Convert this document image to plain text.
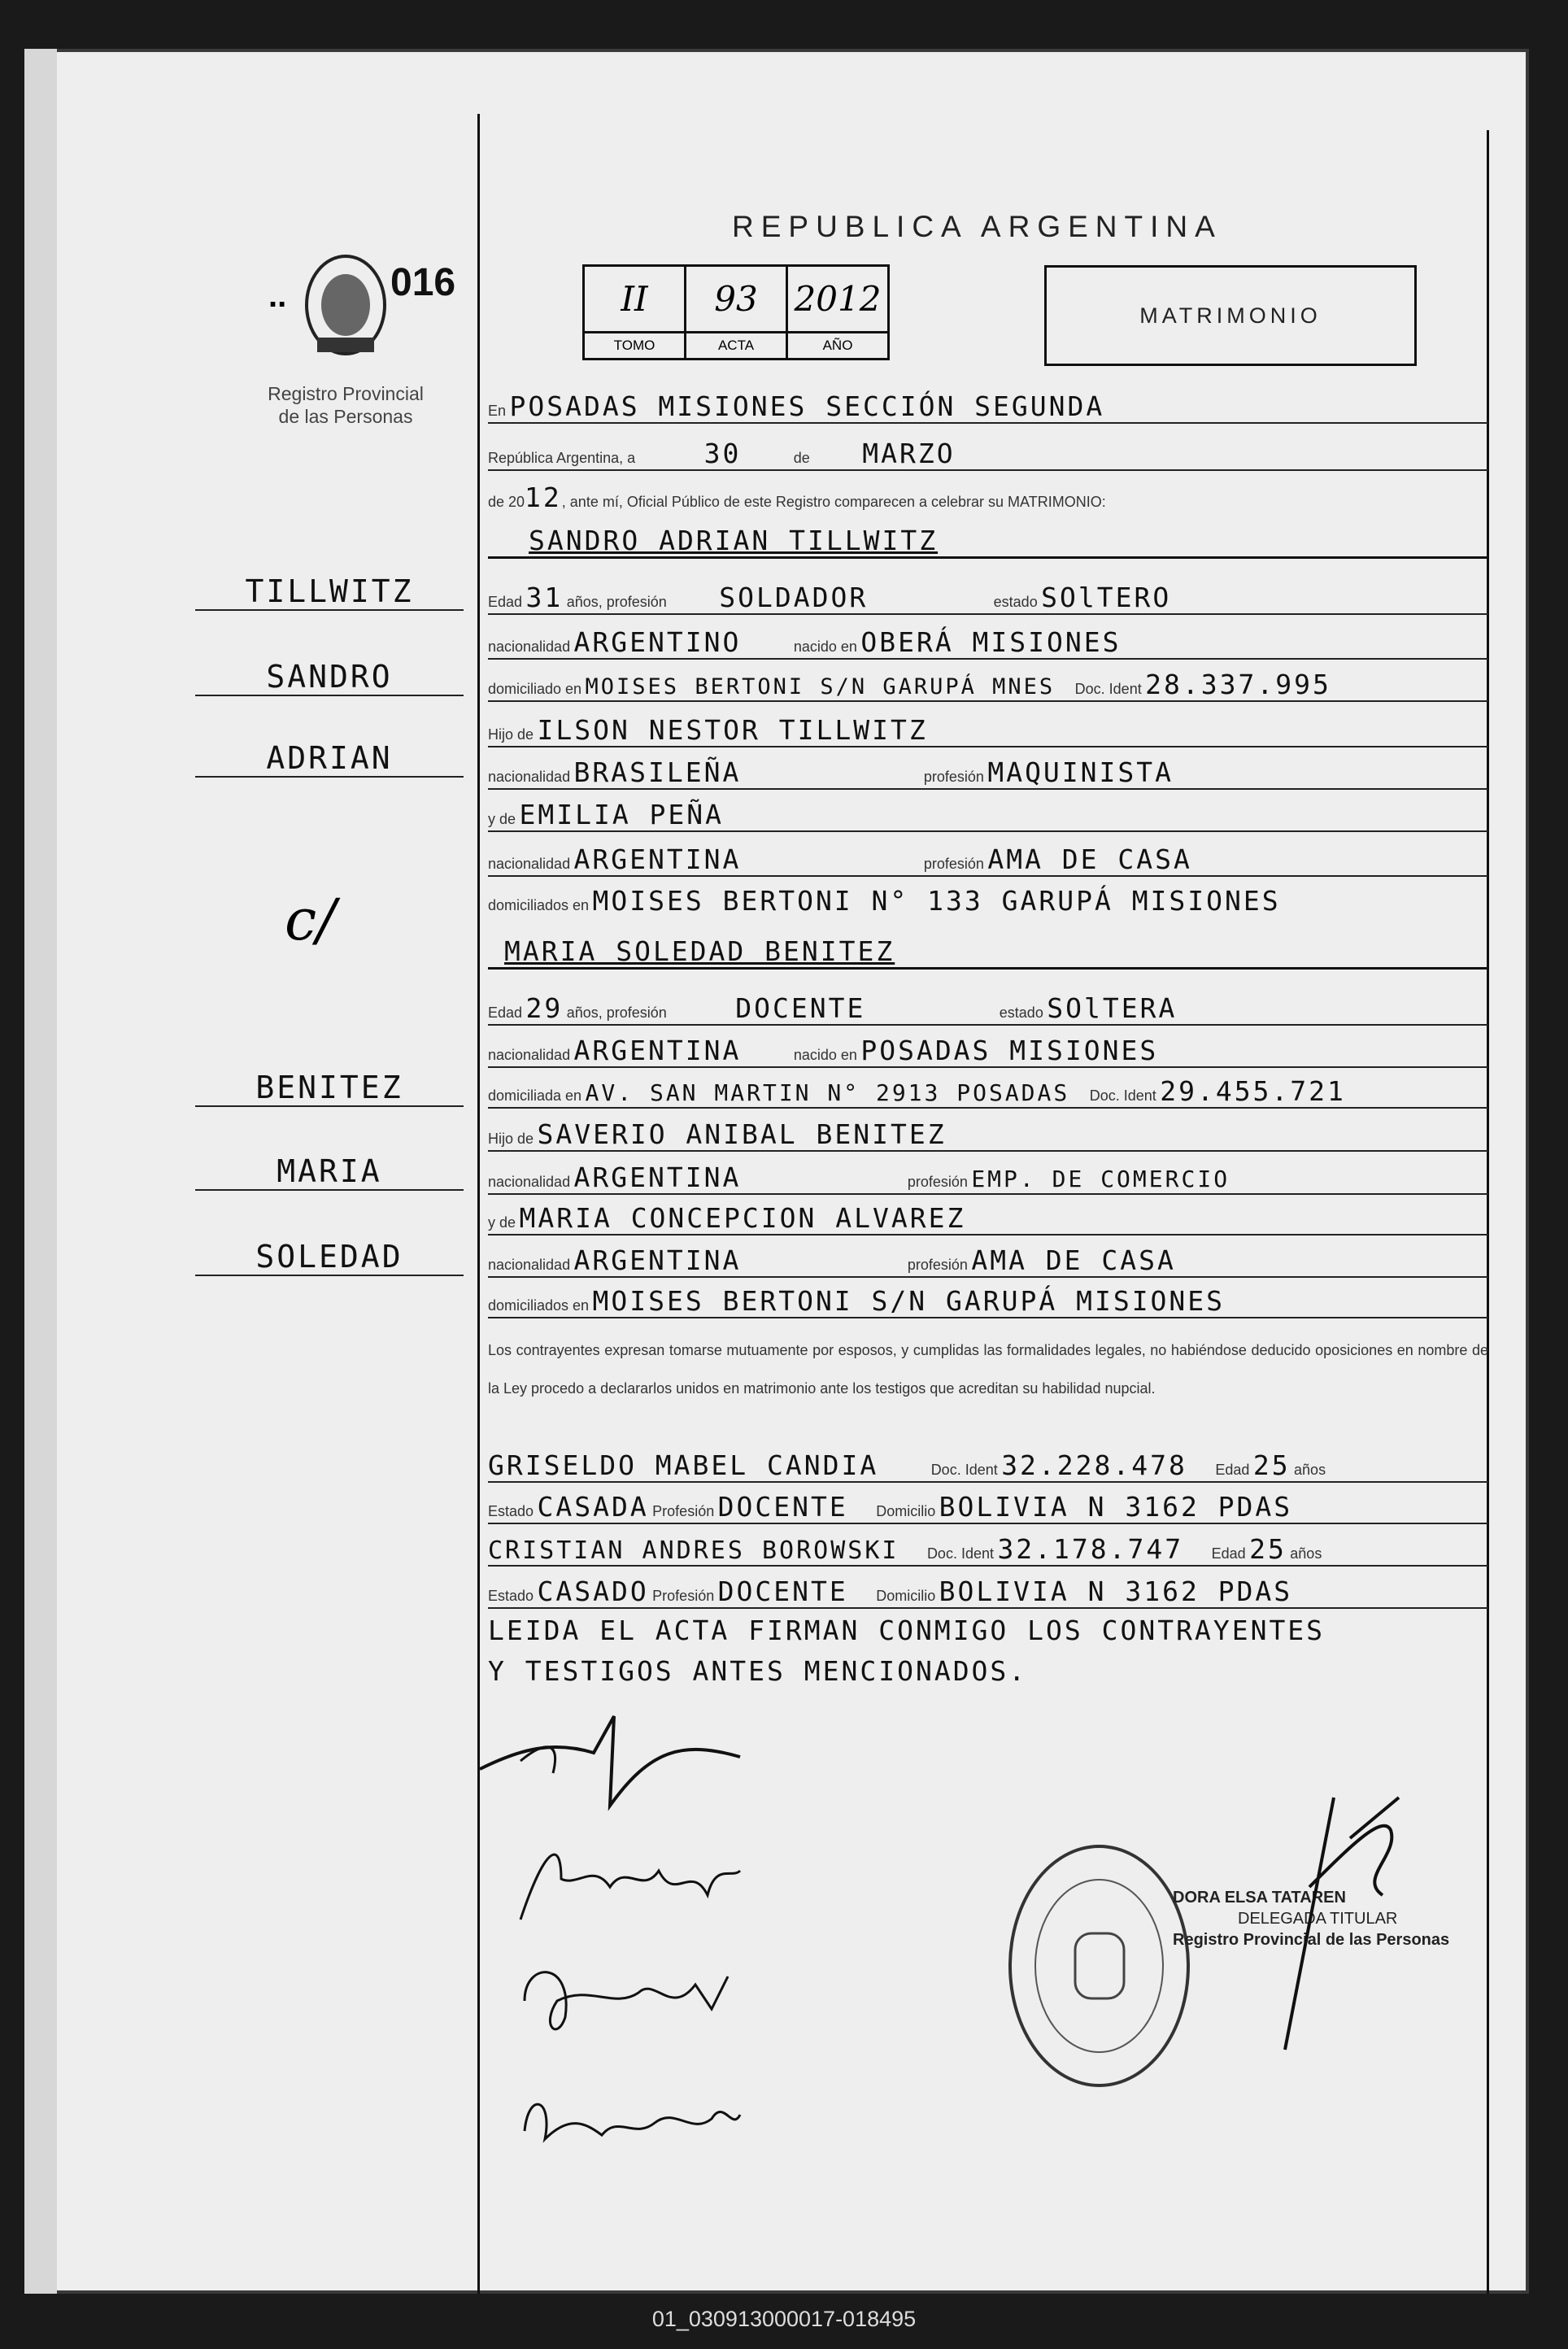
REPUBLICA ARGENTINA
..	016
Registro Provincial
de las Personas
II
TOMO
93
ACTA
2012
AÑO
MATRIMONIO
En POSADAS MISIONES SECCIÓN SEGUNDA
República Argentina, a	30	de MARZO
de 2012, ante mí, Oficial Público de este Registro comparecen a celebrar su MATRIMONIO:
SANDRO ADRIAN TILLWITZ
Edad 31 años, profesión SOLDADOR	estado SOlTERO
nacionalidad ARGENTINO	nacido en OBERÁ MISIONES
domiciliado en MOISES BERTONI S/N GARUPÁ MNES Doc. Ident 28.337.995
Hijo de ILSON NESTOR TILLWITZ
nacionalidad BRASILEÑA	profesión MAQUINISTA
y de EMILIA PEÑA
nacionalidad ARGENTINA	profesión AMA DE CASA
domiciliados en MOISES BERTONI N° 133 GARUPÁ MISIONES
MARIA SOLEDAD BENITEZ
Edad 29 años, profesión	DOCENTE	estado SOlTERA
nacionalidad ARGENTINA	nacido en POSADAS MISIONES
domiciliada en AV. SAN MARTIN N° 2913 POSADAS Doc. Ident 29.455.721
Hijo de SAVERIO ANIBAL BENITEZ
nacionalidad ARGENTINA	profesión EMP. DE COMERCIO
y de MARIA CONCEPCION ALVAREZ
nacionalidad ARGENTINA	profesión AMA DE CASA
domiciliados en MOISES BERTONI S/N GARUPÁ MISIONES
TILLWITZ
SANDRO
ADRIAN
c/
BENITEZ
MARIA
SOLEDAD
Los contrayentes expresan tomarse mutuamente por esposos, y cumplidas las formalidades legales, no habiéndose deducido oposiciones en nombre de la Ley procedo a declararlos unidos en matrimonio ante los testigos que acreditan su habilidad nupcial.
GRISELDO MABEL CANDIA	Doc. Ident 32.228.478 Edad 25 años
Estado CASADA Profesión DOCENTE Domicilio BOLIVIA N 3162 PDAS
CRISTIAN ANDRES BOROWSKI Doc. Ident 32.178.747 Edad 25 años
Estado CASADO Profesión DOCENTE Domicilio BOLIVIA N 3162 PDAS
LEIDA EL ACTA FIRMAN CONMIGO LOS CONTRAYENTES
Y TESTIGOS ANTES MENCIONADOS.
DORA ELSA TATAREN
DELEGADA TITULAR
Registro Provincial de las Personas
01_030913000017-018495
